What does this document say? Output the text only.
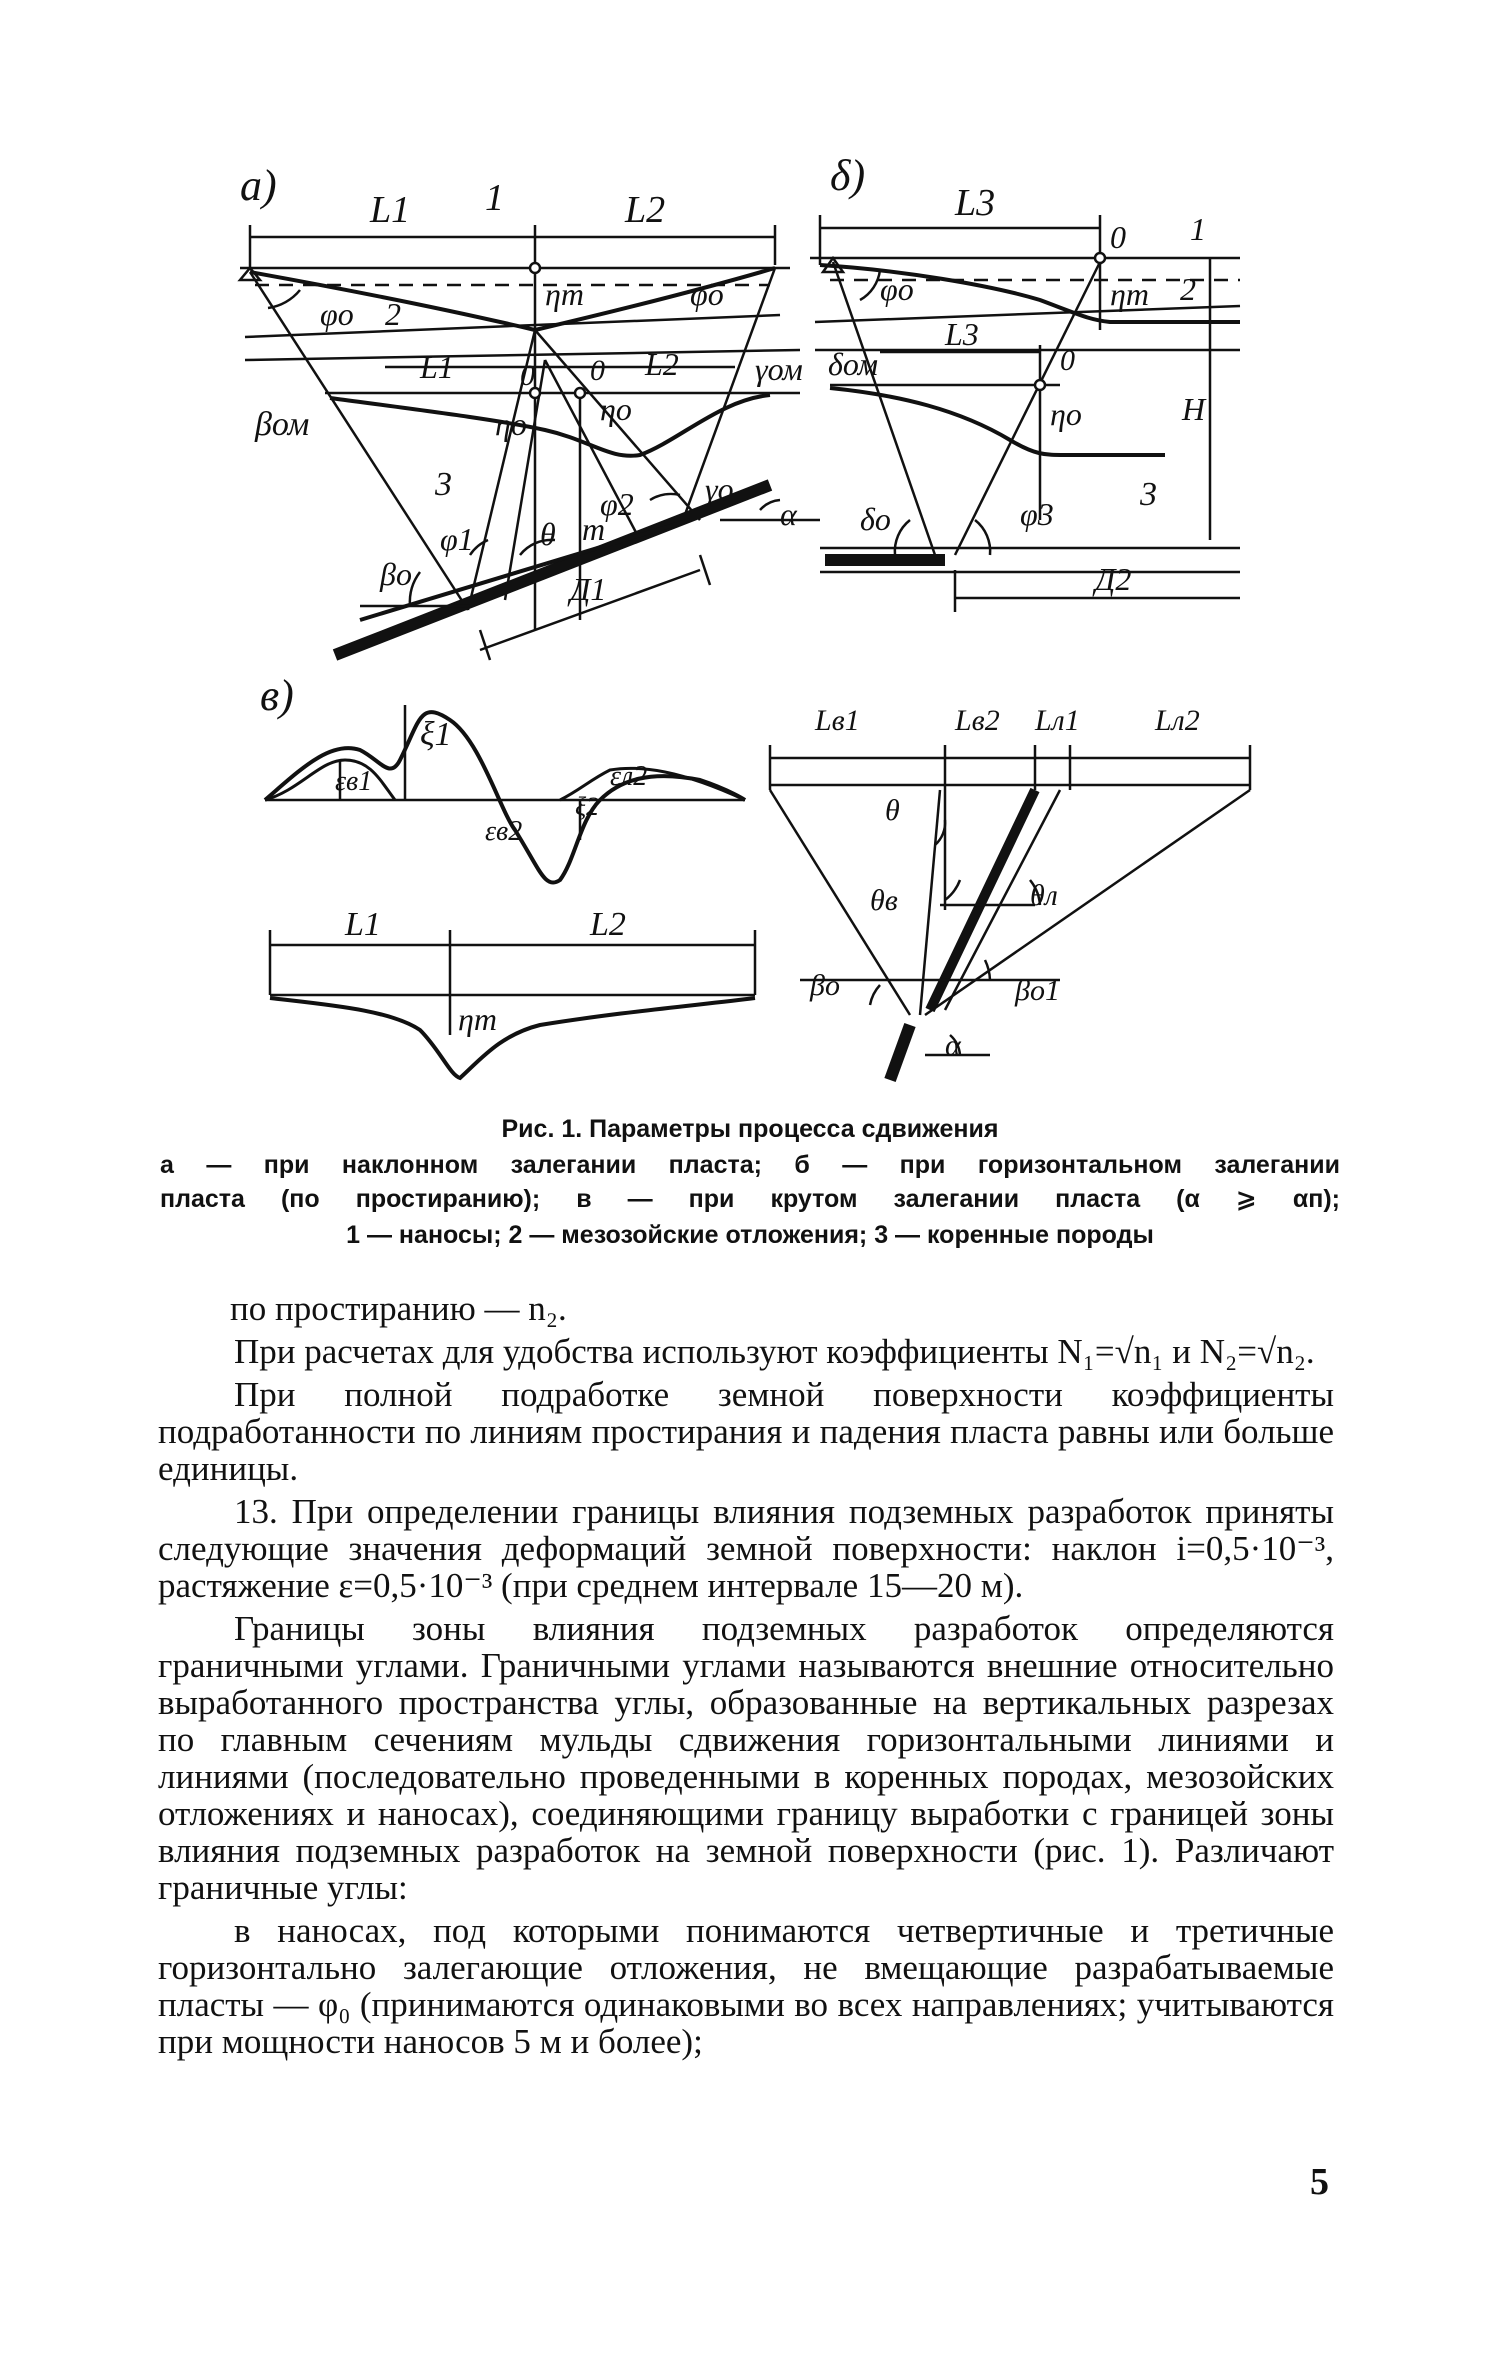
a) L1 1	L2
φo 2
ηm	φo
L1 0 0 L2 γом
ηo ηo
βом
3	γo
φ2
m	α
θ
φ1
βo	Д1
δ)
L3
0 1
φo	ηm 2
L3
δом	0
ηo	H
3
δo	φ3
Д2
в)
ξ1
εв1	εл2
ξ2
εв2
L1	L2
ηm
Lв1	Lв2 Lл1	Lл2
θ
θв	θл
βo	βo1
α
Рис. 1. Параметры процесса сдвижения
а — при наклонном залегании пласта; б — при горизонтальном залегании
пласта (по простиранию); в — при крутом залегании пласта (α ⩾ αп);
1 — наносы; 2 — мезозойские отложения; 3 — коренные породы

по простиранию — n₂.

При расчетах для удобства используют коэффициенты N₁=√n₁ и N₂=√n₂.

При полной подработке земной поверхности коэффициенты подработанности по линиям простирания и падения пласта равны или больше единицы.

13. При определении границы влияния подземных разработок приняты следующие значения деформаций земной поверхности: наклон i=0,5·10⁻³, растяжение ε=0,5·10⁻³ (при среднем интервале 15—20 м).

Границы зоны влияния подземных разработок определяются граничными углами. Граничными углами называются внешние относительно выработанного пространства углы, образованные на вертикальных разрезах по главным сечениям мульды сдвижения горизонтальными линиями и линиями (последовательно проведенными в коренных породах, мезозойских отложениях и наносах), соединяющими границу выработки с границей зоны влияния подземных разработок на земной поверхности (рис. 1). Различают граничные углы:

в наносах, под которыми понимаются четвертичные и третичные горизонтально залегающие отложения, не вмещающие разрабатываемые пласты — φ₀ (принимаются одинаковыми во всех направлениях; учитываются при мощности наносов 5 м и более);

5
